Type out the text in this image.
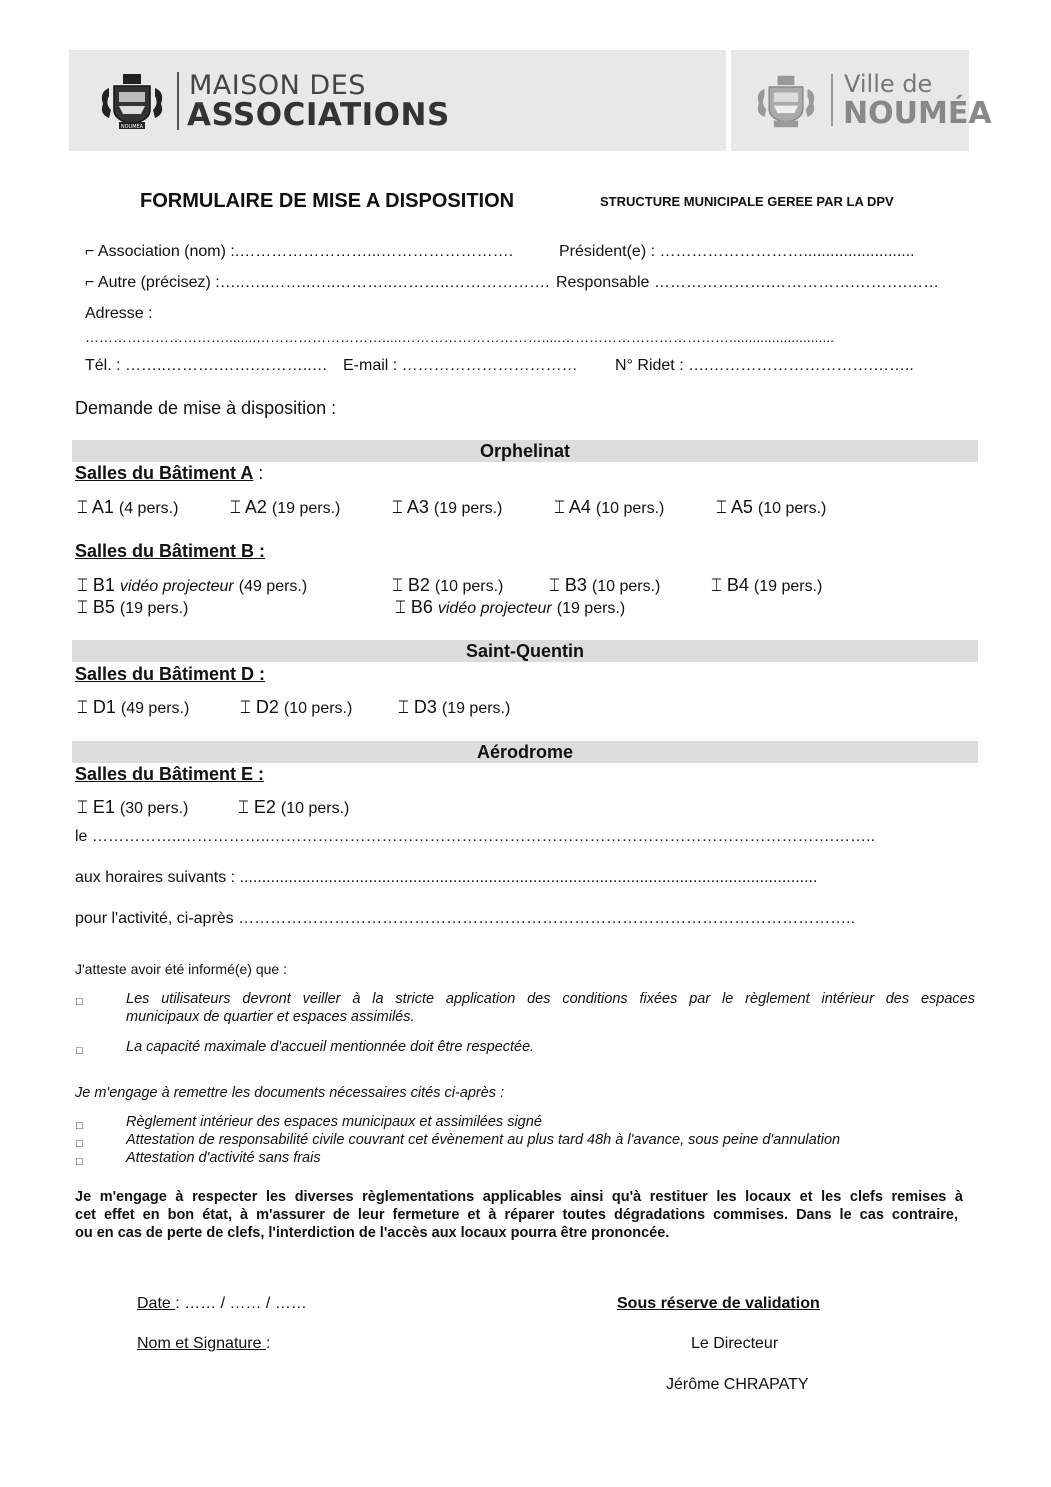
NOUMÉA
MAISON DES
ASSOCIATIONS
Ville de
NOUMÉA
FORMULAIRE DE MISE A DISPOSITION	STRUCTURE MUNICIPALE GEREE PAR LA DPV
⌐ Association (nom) :.……………………...…………………….	Président(e) : ……………………….........................
⌐ Autre (précisez) :…..…..……..…..………..………..………………. Responsable ………………….…………….……….……
Adresse :
…………………………........……………………….....………………………….....………………………………...........................
Tél. : ……..……….…….………..… E-mail : …………………………… N° Ridet : ….………………………….……..
Demande de mise à disposition :
Orphelinat
Salles du Bâtiment A :
⌶ A1 (4 pers.)	⌶ A2 (19 pers.)	⌶ A3 (19 pers.)	⌶ A4 (10 pers.)	⌶ A5 (10 pers.)
Salles du Bâtiment B :
⌶ B1 vidéo projecteur (49 pers.)	⌶ B2 (10 pers.)	⌶ B3 (10 pers.)	⌶ B4 (19 pers.)
⌶ B5 (19 pers.)	⌶ B6 vidéo projecteur (19 pers.)
Saint-Quentin
Salles du Bâtiment D :
⌶ D1 (49 pers.)	⌶ D2 (10 pers.)	⌶ D3 (19 pers.)
Aérodrome
Salles du Bâtiment E :
⌶ E1 (30 pers.)	⌶ E2 (10 pers.)
le ……………..……………..…………………………………………………………………………………………….……..
aux horaires suivants : ..................................................................................................................................
pour l'activité, ci-après ……………………………………………………………………………………………………..
J'atteste avoir été informé(e) que :
□	Les utilisateurs devront veiller à la stricte application des conditions fixées par le règlement intérieur des espaces
municipaux de quartier et espaces assimilés.
□	La capacité maximale d'accueil mentionnée doit être respectée.
Je m'engage à remettre les documents nécessaires cités ci-après :
□	Règlement intérieur des espaces municipaux et assimilées signé
□	Attestation de responsabilité civile couvrant cet évènement au plus tard 48h à l'avance, sous peine d'annulation
□	Attestation d'activité sans frais
Je m'engage à respecter les diverses règlementations applicables ainsi qu'à restituer les locaux et les clefs remises à
cet effet en bon état, à m'assurer de leur fermeture et à réparer toutes dégradations commises. Dans le cas contraire,
ou en cas de perte de clefs, l'interdiction de l'accès aux locaux pourra être prononcée.
Date : …… / …… / ……
Nom et Signature :
Sous réserve de validation
Le Directeur
Jérôme CHRAPATY
